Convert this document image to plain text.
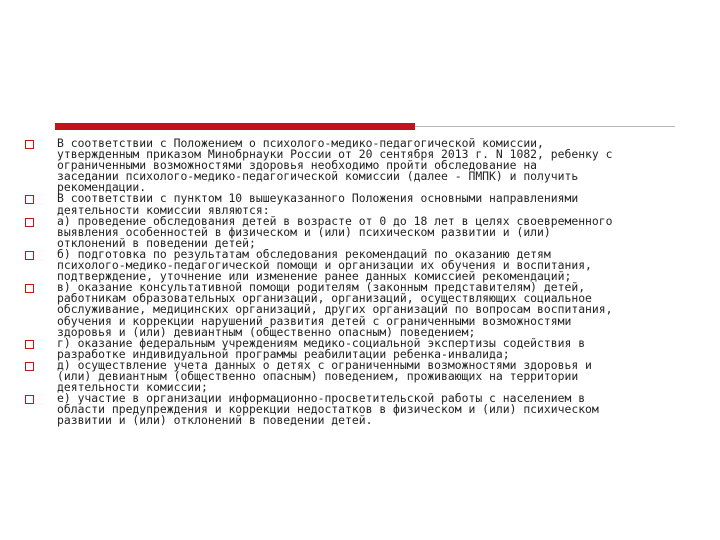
В соответствии с Положением о психолого-медико-педагогической комиссии,
утвержденным приказом Минобрнауки России от 20 сентября 2013 г. N 1082, ребенку с
ограниченными возможностями здоровья необходимо пройти обследование на
заседании психолого-медико-педагогической комиссии (далее - ПМПК) и получить
рекомендации.
В соответствии с пунктом 10 вышеуказанного Положения основными направлениями
деятельности комиссии являются:
а) проведение обследования детей в возрасте от 0 до 18 лет в целях своевременного
выявления особенностей в физическом и (или) психическом развитии и (или)
отклонений в поведении детей;
б) подготовка по результатам обследования рекомендаций по оказанию детям
психолого-медико-педагогической помощи и организации их обучения и воспитания,
подтверждение, уточнение или изменение ранее данных комиссией рекомендаций;
в) оказание консультативной помощи родителям (законным представителям) детей,
работникам образовательных организаций, организаций, осуществляющих социальное
обслуживание, медицинских организаций, других организаций по вопросам воспитания,
обучения и коррекции нарушений развития детей с ограниченными возможностями
здоровья и (или) девиантным (общественно опасным) поведением;
г) оказание федеральным учреждениям медико-социальной экспертизы содействия в
разработке индивидуальной программы реабилитации ребенка-инвалида;
д) осуществление учета данных о детях с ограниченными возможностями здоровья и
(или) девиантным (общественно опасным) поведением, проживающих на территории
деятельности комиссии;
е) участие в организации информационно-просветительской работы с населением в
области предупреждения и коррекции недостатков в физическом и (или) психическом
развитии и (или) отклонений в поведении детей.
